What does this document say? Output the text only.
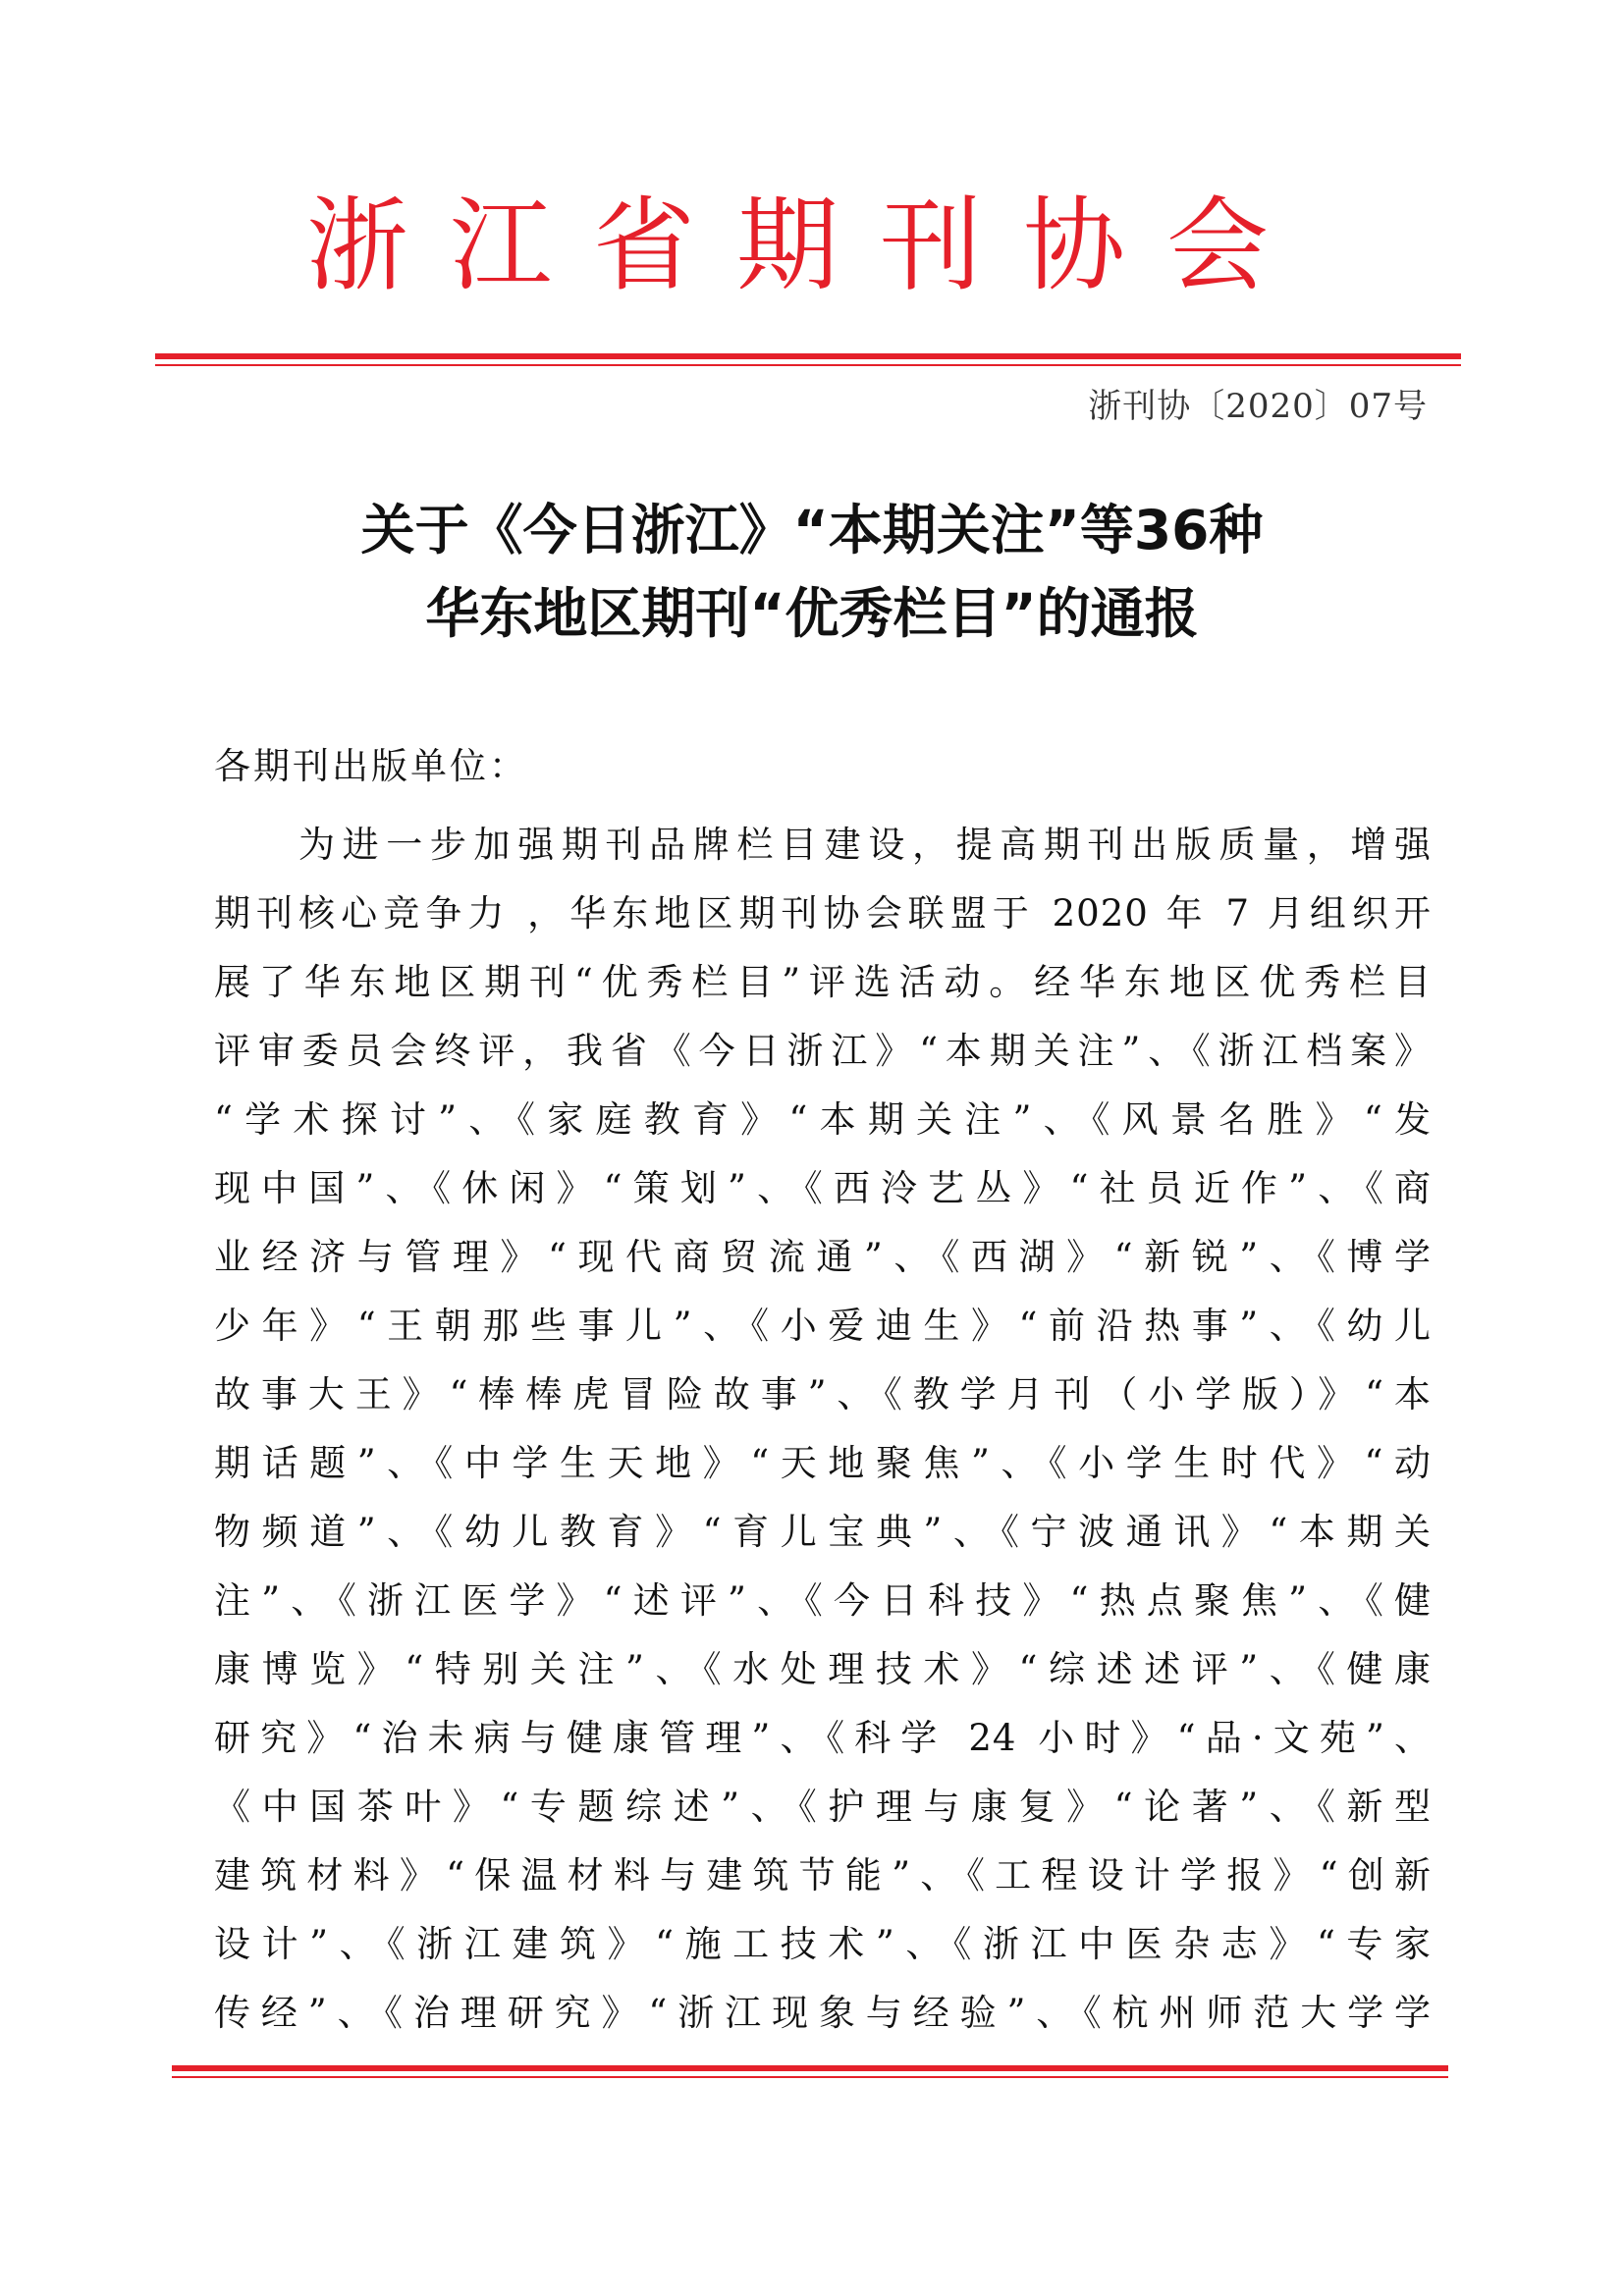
浙江省期刊协会
浙刊协〔2020〕07号
关于《今日浙江》“本期关注”等36种
华东地区期刊“优秀栏目”的通报
各期刊出版单位：
为进一步加强期刊品牌栏目建设，提高期刊出版质量，增强
期刊核心竞争力 ，华东地区期刊协会联盟于 2020 年 7 月组织开
展了华东地区期刊“优秀栏目”评选活动。经华东地区优秀栏目
评审委员会终评，我省《今日浙江》“本期关注”、《浙江档案》
“学术探讨”、《家庭教育》“本期关注”、《风景名胜》“发
现中国”、《休闲》“策划”、《西泠艺丛》“社员近作”、《商
业经济与管理》“现代商贸流通”、《西湖》“新锐”、《博学
少年》“王朝那些事儿”、《小爱迪生》“前沿热事”、《幼儿
故事大王》“棒棒虎冒险故事”、《教学月刊（小学版）》“本
期话题”、《中学生天地》“天地聚焦”、《小学生时代》“动
物频道”、《幼儿教育》“育儿宝典”、《宁波通讯》“本期关
注”、《浙江医学》“述评”、《今日科技》“热点聚焦”、《健
康博览》“特别关注”、《水处理技术》“综述述评”、《健康
研究》“治未病与健康管理”、《科学 24 小时》“品·文苑”、
《中国茶叶》“专题综述”、《护理与康复》“论著”、《新型
建筑材料》“保温材料与建筑节能”、《工程设计学报》“创新
设计”、《浙江建筑》“施工技术”、《浙江中医杂志》“专家
传经”、《治理研究》“浙江现象与经验”、《杭州师范大学学
